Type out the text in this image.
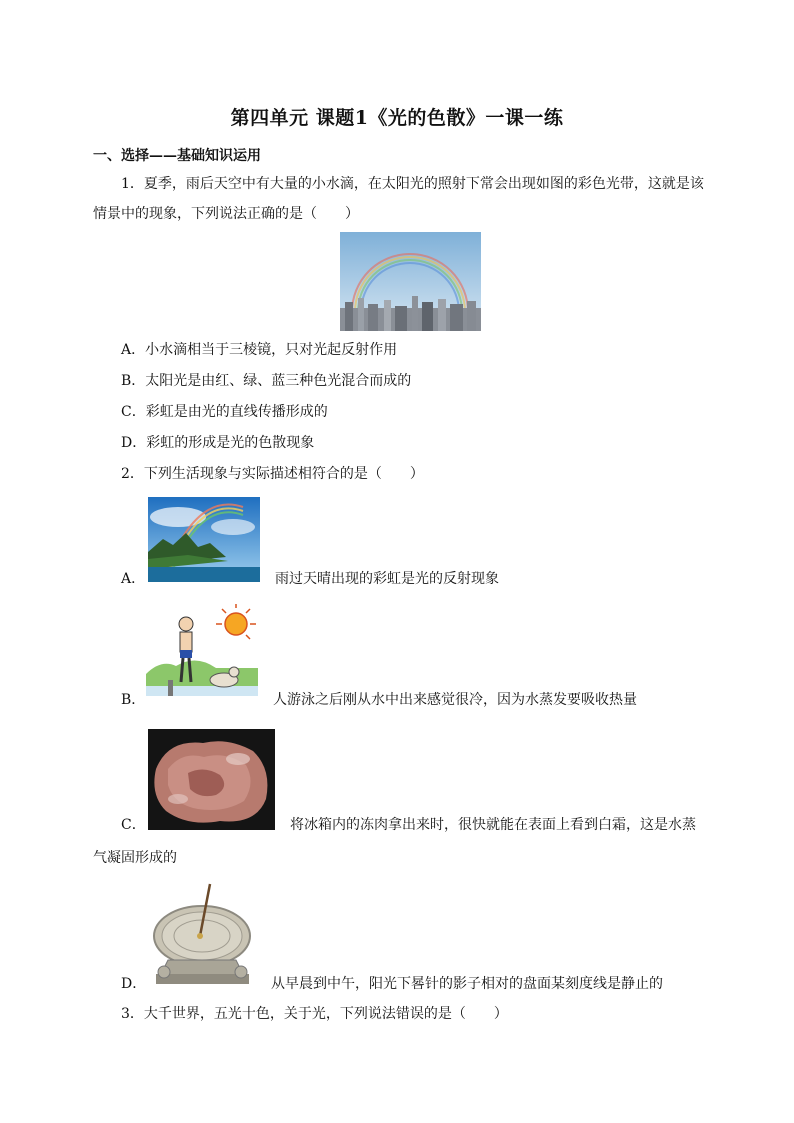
第四单元 课题1《光的色散》一课一练
一、选择——基础知识运用
1．夏季，雨后天空中有大量的小水滴，在太阳光的照射下常会出现如图的彩色光带，这就是该
情景中的现象，下列说法正确的是（　　）
A．小水滴相当于三棱镜，只对光起反射作用
B．太阳光是由红、绿、蓝三种色光混合而成的
C．彩虹是由光的直线传播形成的
D．彩虹的形成是光的色散现象
2．下列生活现象与实际描述相符合的是（　　）
A．	雨过天晴出现的彩虹是光的反射现象
B．	人游泳之后刚从水中出来感觉很冷，因为水蒸发要吸收热量
C．	将冰箱内的冻肉拿出来时，很快就能在表面上看到白霜，这是水蒸
气凝固形成的
D．	从早晨到中午，阳光下晷针的影子相对的盘面某刻度线是静止的
3．大千世界，五光十色，关于光，下列说法错误的是（　　）
